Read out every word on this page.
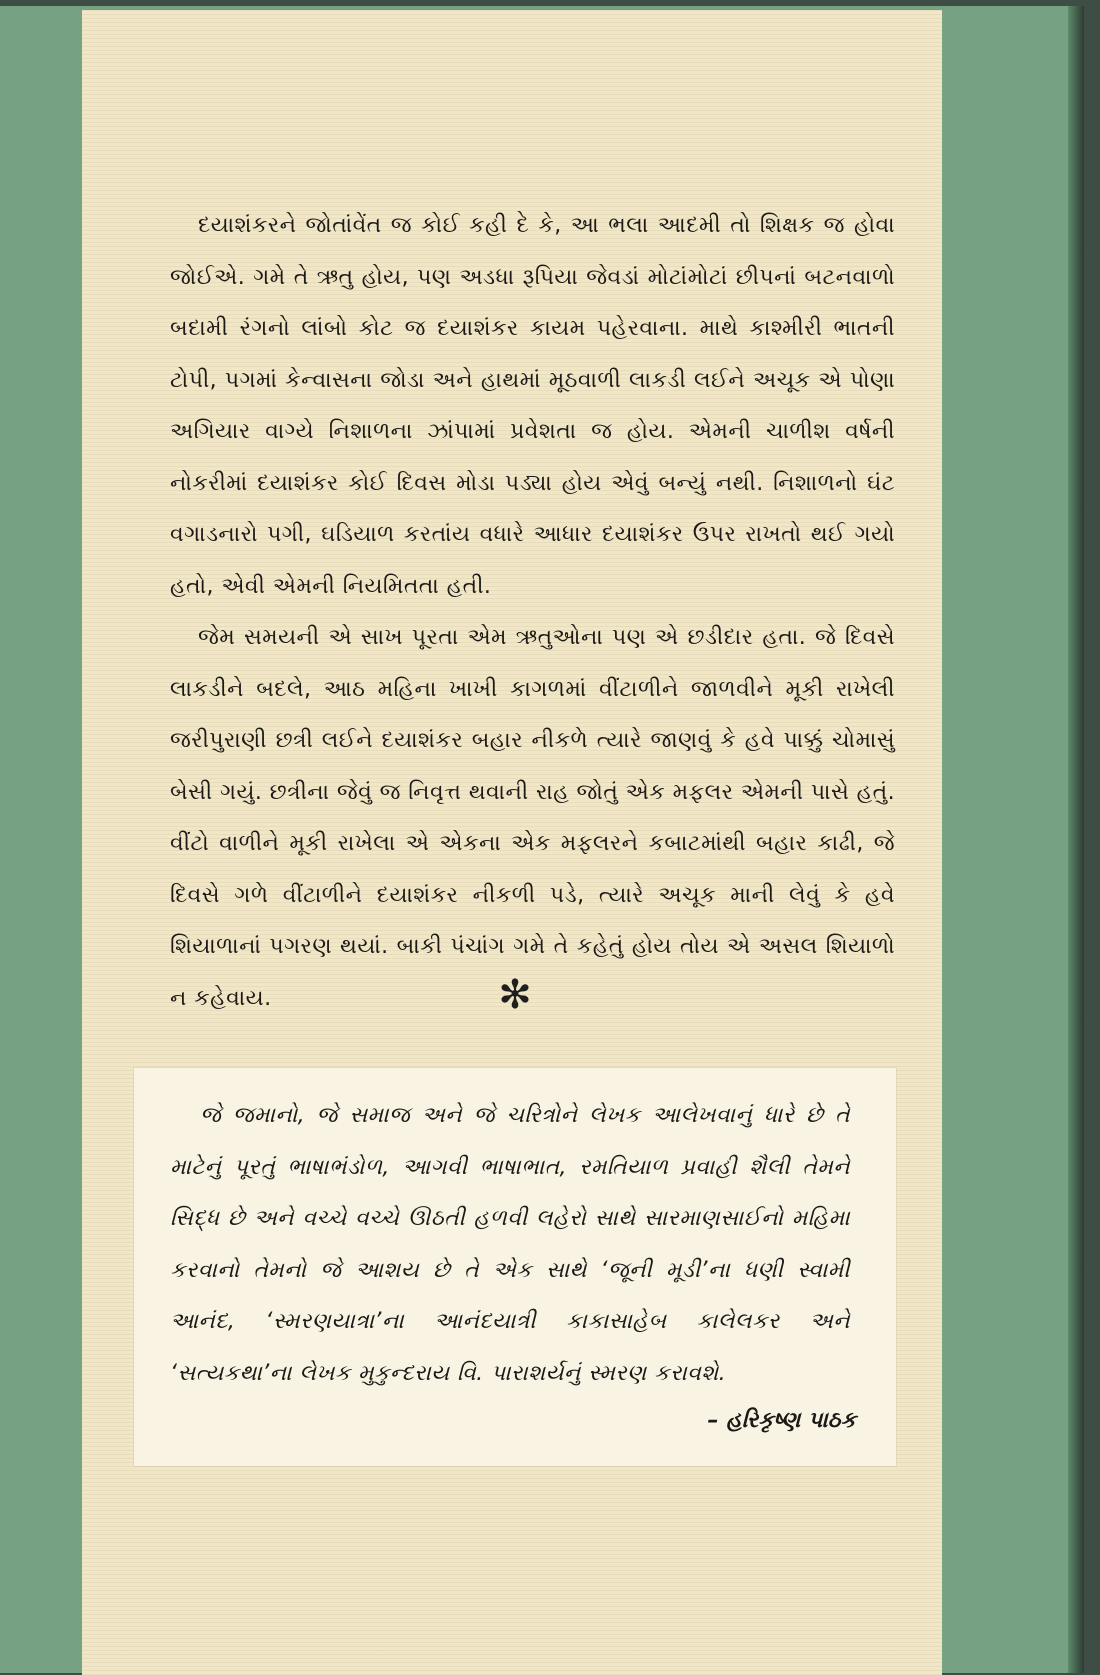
દયાશંકરને જોતાંવેંત જ કોઈ કહી દે કે, આ ભલા આદમી તો શિક્ષક જ હોવા જોઈએ. ગમે તે ઋતુ હોય, પણ અડધા રૂપિયા જેવડાં મોટાંમોટાં છીપનાં બટનવાળો બદામી રંગનો લાંબો કોટ જ દયાશંકર કાયમ પહેરવાના. માથે કાશ્મીરી ભાતની ટોપી, પગમાં કેન્વાસના જોડા અને હાથમાં મૂઠવાળી લાકડી લઈને અચૂક એ પોણા અગિયાર વાગ્યે નિશાળના ઝાંપામાં પ્રવેશતા જ હોય. એમની ચાળીશ વર્ષની નોકરીમાં દયાશંકર કોઈ દિવસ મોડા પડ્યા હોય એવું બન્યું નથી. નિશાળનો ઘંટ વગાડનારો પગી, ઘડિયાળ કરતાંય વધારે આધાર દયાશંકર ઉપર રાખતો થઈ ગયો હતો, એવી એમની નિયમિતતા હતી.

જેમ સમયની એ સાખ પૂરતા એમ ઋતુઓના પણ એ છડીદાર હતા. જે દિવસે લાકડીને બદલે, આઠ મહિના ખાખી કાગળમાં વીંટાળીને જાળવીને મૂકી રાખેલી જરીપુરાણી છત્રી લઈને દયાશંકર બહાર નીકળે ત્યારે જાણવું કે હવે પાક્કું ચોમાસું બેસી ગયું. છત્રીના જેવું જ નિવૃત્ત થવાની રાહ જોતું એક મફલર એમની પાસે હતું. વીંટો વાળીને મૂકી રાખેલા એ એકના એક મફલરને કબાટમાંથી બહાર કાઢી, જે દિવસે ગળે વીંટાળીને દયાશંકર નીકળી પડે, ત્યારે અચૂક માની લેવું કે હવે શિયાળાનાં પગરણ થયાં. બાકી પંચાંગ ગમે તે કહેતું હોય તોય એ અસલ શિયાળો ન કહેવાય.	✻

જે જમાનો, જે સમાજ અને જે ચરિત્રોને લેખક આલેખવાનું ધારે છે તે માટેનું પૂરતું ભાષાભંડોળ, આગવી ભાષાભાત, રમતિયાળ પ્રવાહી શૈલી તેમને સિદ્ધ છે અને વચ્ચે વચ્ચે ઊઠતી હળવી લહેરો સાથે સારમાણસાઈનો મહિમા કરવાનો તેમનો જે આશય છે તે એક સાથે ‘જૂની મૂડી’ના ધણી સ્વામી આનંદ, ‘સ્મરણયાત્રા’ના આનંદયાત્રી કાકાસાહેબ કાલેલકર અને ‘સત્યકથા’ના લેખક મુકુન્દરાય વિ. પારાશર્યનું સ્મરણ કરાવશે.

– હરિકૃષ્ણ પાઠક
